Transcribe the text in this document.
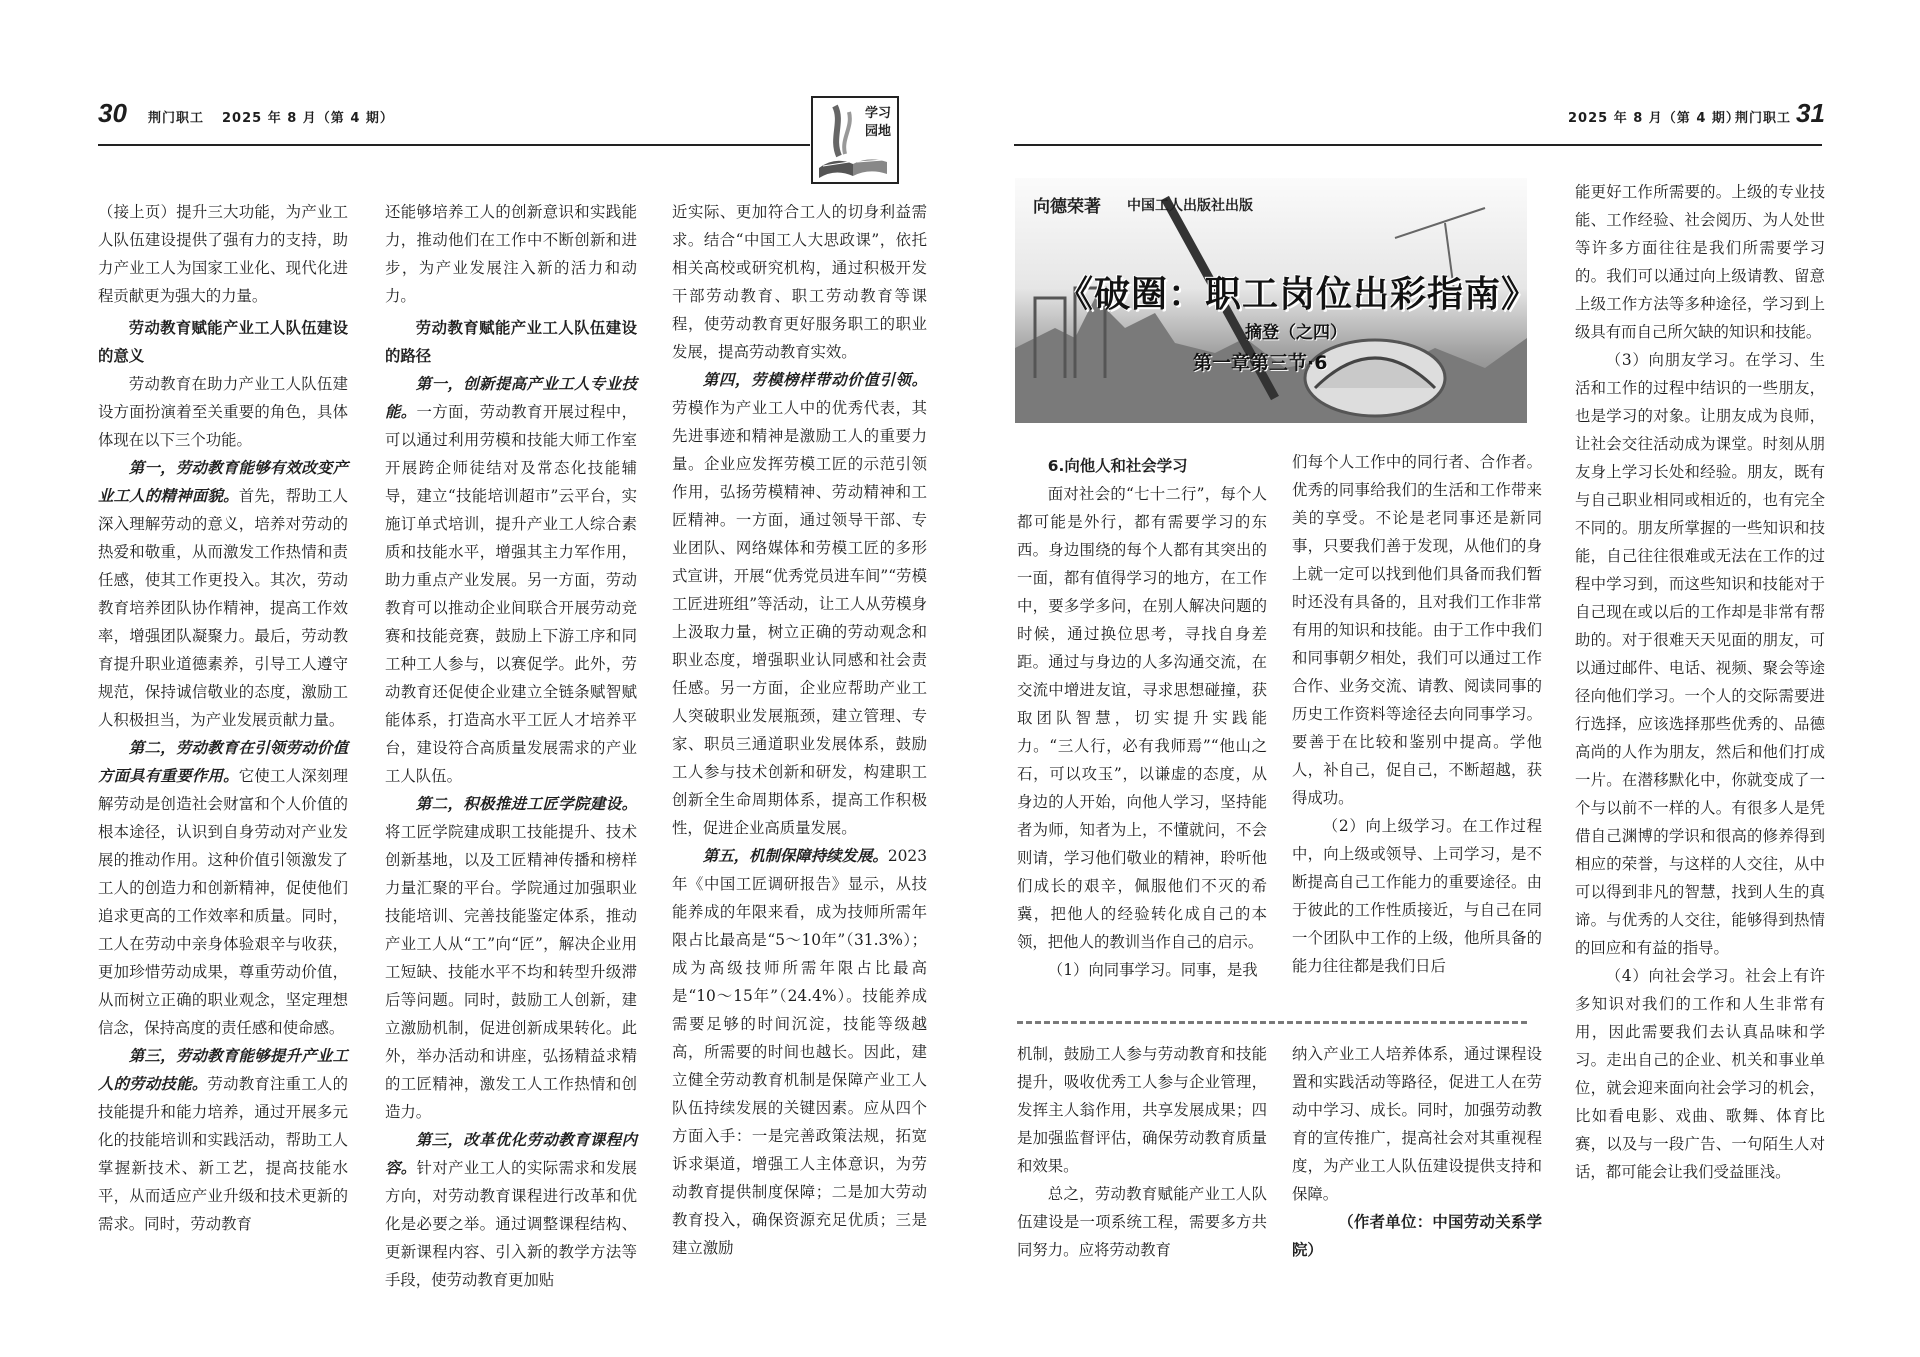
30 荆门职工 2025 年 8 月（第 4 期）	学习
园地
2025 年 8 月（第 4 期）
荆门职工 31

（接上页）提升三大功能，为产业工人队伍建设提供了强有力的支持，助力产业工人为国家工业化、现代化进程贡献更为强大的力量。

劳动教育赋能产业工人队伍建设的意义

劳动教育在助力产业工人队伍建设方面扮演着至关重要的角色，具体体现在以下三个功能。

第一，劳动教育能够有效改变产业工人的精神面貌。首先，帮助工人深入理解劳动的意义，培养对劳动的热爱和敬重，从而激发工作热情和责任感，使其工作更投入。其次，劳动教育培养团队协作精神，提高工作效率，增强团队凝聚力。最后，劳动教育提升职业道德素养，引导工人遵守规范，保持诚信敬业的态度，激励工人积极担当，为产业发展贡献力量。

第二，劳动教育在引领劳动价值方面具有重要作用。它使工人深刻理解劳动是创造社会财富和个人价值的根本途径，认识到自身劳动对产业发展的推动作用。这种价值引领激发了工人的创造力和创新精神，促使他们追求更高的工作效率和质量。同时，工人在劳动中亲身体验艰辛与收获，更加珍惜劳动成果，尊重劳动价值，从而树立正确的职业观念，坚定理想信念，保持高度的责任感和使命感。

第三，劳动教育能够提升产业工人的劳动技能。劳动教育注重工人的技能提升和能力培养，通过开展多元化的技能培训和实践活动，帮助工人掌握新技术、新工艺，提高技能水平，从而适应产业升级和技术更新的需求。同时，劳动教育

还能够培养工人的创新意识和实践能力，推动他们在工作中不断创新和进步，为产业发展注入新的活力和动力。

劳动教育赋能产业工人队伍建设的路径

第一，创新提高产业工人专业技能。一方面，劳动教育开展过程中，可以通过利用劳模和技能大师工作室开展跨企师徒结对及常态化技能辅导，建立“技能培训超市”云平台，实施订单式培训，提升产业工人综合素质和技能水平，增强其主力军作用，助力重点产业发展。另一方面，劳动教育可以推动企业间联合开展劳动竞赛和技能竞赛，鼓励上下游工序和同工种工人参与，以赛促学。此外，劳动教育还促使企业建立全链条赋智赋能体系，打造高水平工匠人才培养平台，建设符合高质量发展需求的产业工人队伍。

第二，积极推进工匠学院建设。将工匠学院建成职工技能提升、技术创新基地，以及工匠精神传播和榜样力量汇聚的平台。学院通过加强职业技能培训、完善技能鉴定体系，推动产业工人从“工”向“匠”，解决企业用工短缺、技能水平不均和转型升级滞后等问题。同时，鼓励工人创新，建立激励机制，促进创新成果转化。此外，举办活动和讲座，弘扬精益求精的工匠精神，激发工人工作热情和创造力。

第三，改革优化劳动教育课程内容。针对产业工人的实际需求和发展方向，对劳动教育课程进行改革和优化是必要之举。通过调整课程结构、更新课程内容、引入新的教学方法等手段，使劳动教育更加贴

近实际、更加符合工人的切身利益需求。结合“中国工人大思政课”，依托相关高校或研究机构，通过积极开发干部劳动教育、职工劳动教育等课程，使劳动教育更好服务职工的职业发展，提高劳动教育实效。

第四，劳模榜样带动价值引领。劳模作为产业工人中的优秀代表，其先进事迹和精神是激励工人的重要力量。企业应发挥劳模工匠的示范引领作用，弘扬劳模精神、劳动精神和工匠精神。一方面，通过领导干部、专业团队、网络媒体和劳模工匠的多形式宣讲，开展“优秀党员进车间”“劳模工匠进班组”等活动，让工人从劳模身上汲取力量，树立正确的劳动观念和职业态度，增强职业认同感和社会责任感。另一方面，企业应帮助产业工人突破职业发展瓶颈，建立管理、专家、职员三通道职业发展体系，鼓励工人参与技术创新和研发，构建职工创新全生命周期体系，提高工作积极性，促进企业高质量发展。

第五，机制保障持续发展。2023年《中国工匠调研报告》显示，从技能养成的年限来看，成为技师所需年限占比最高是“5～10年”（31.3%）；成为高级技师所需年限占比最高是“10～15年”（24.4%）。技能养成需要足够的时间沉淀，技能等级越高，所需要的时间也越长。因此，建立健全劳动教育机制是保障产业工人队伍持续发展的关键因素。应从四个方面入手：一是完善政策法规，拓宽诉求渠道，增强工人主体意识，为劳动教育提供制度保障；二是加大劳动教育投入，确保资源充足优质；三是建立激励

向德荣著 中国工人出版社出版
《破圈：职工岗位出彩指南》
摘登（之四）
第一章第三节·6
6.向他人和社会学习

面对社会的“七十二行”，每个人都可能是外行，都有需要学习的东西。身边围绕的每个人都有其突出的一面，都有值得学习的地方，在工作中，要多学多问，在别人解决问题的时候，通过换位思考，寻找自身差距。通过与身边的人多沟通交流，在交流中增进友谊，寻求思想碰撞，获取团队智慧，切实提升实践能力。“三人行，必有我师焉”“他山之石，可以攻玉”，以谦虚的态度，从身边的人开始，向他人学习，坚持能者为师，知者为上，不懂就问，不会则请，学习他们敬业的精神，聆听他们成长的艰辛，佩服他们不灭的希冀，把他人的经验转化成自己的本领，把他人的教训当作自己的启示。

（1）向同事学习。同事，是我

们每个人工作中的同行者、合作者。优秀的同事给我们的生活和工作带来美的享受。不论是老同事还是新同事，只要我们善于发现，从他们的身上就一定可以找到他们具备而我们暂时还没有具备的，且对我们工作非常有用的知识和技能。由于工作中我们和同事朝夕相处，我们可以通过工作合作、业务交流、请教、阅读同事的历史工作资料等途径去向同事学习。要善于在比较和鉴别中提高。学他人，补自己，促自己，不断超越，获得成功。

（2）向上级学习。在工作过程中，向上级或领导、上司学习，是不断提高自己工作能力的重要途径。由于彼此的工作性质接近，与自己在同一个团队中工作的上级，他所具备的能力往往都是我们日后

机制，鼓励工人参与劳动教育和技能提升，吸收优秀工人参与企业管理，发挥主人翁作用，共享发展成果；四是加强监督评估，确保劳动教育质量和效果。

总之，劳动教育赋能产业工人队伍建设是一项系统工程，需要多方共同努力。应将劳动教育

纳入产业工人培养体系，通过课程设置和实践活动等路径，促进工人在劳动中学习、成长。同时，加强劳动教育的宣传推广，提高社会对其重视程度，为产业工人队伍建设提供支持和保障。

（作者单位：中国劳动关系学院）

能更好工作所需要的。上级的专业技能、工作经验、社会阅历、为人处世等许多方面往往是我们所需要学习的。我们可以通过向上级请教、留意上级工作方法等多种途径，学习到上级具有而自己所欠缺的知识和技能。

（3）向朋友学习。在学习、生活和工作的过程中结识的一些朋友，也是学习的对象。让朋友成为良师，让社会交往活动成为课堂。时刻从朋友身上学习长处和经验。朋友，既有与自己职业相同或相近的，也有完全不同的。朋友所掌握的一些知识和技能，自己往往很难或无法在工作的过程中学习到，而这些知识和技能对于自己现在或以后的工作却是非常有帮助的。对于很难天天见面的朋友，可以通过邮件、电话、视频、聚会等途径向他们学习。一个人的交际需要进行选择，应该选择那些优秀的、品德高尚的人作为朋友，然后和他们打成一片。在潜移默化中，你就变成了一个与以前不一样的人。有很多人是凭借自己渊博的学识和很高的修养得到相应的荣誉，与这样的人交往，从中可以得到非凡的智慧，找到人生的真谛。与优秀的人交往，能够得到热情的回应和有益的指导。

（4）向社会学习。社会上有许多知识对我们的工作和人生非常有用，因此需要我们去认真品味和学习。走出自己的企业、机关和事业单位，就会迎来面向社会学习的机会，比如看电影、戏曲、歌舞、体育比赛，以及与一段广告、一句陌生人对话，都可能会让我们受益匪浅。
